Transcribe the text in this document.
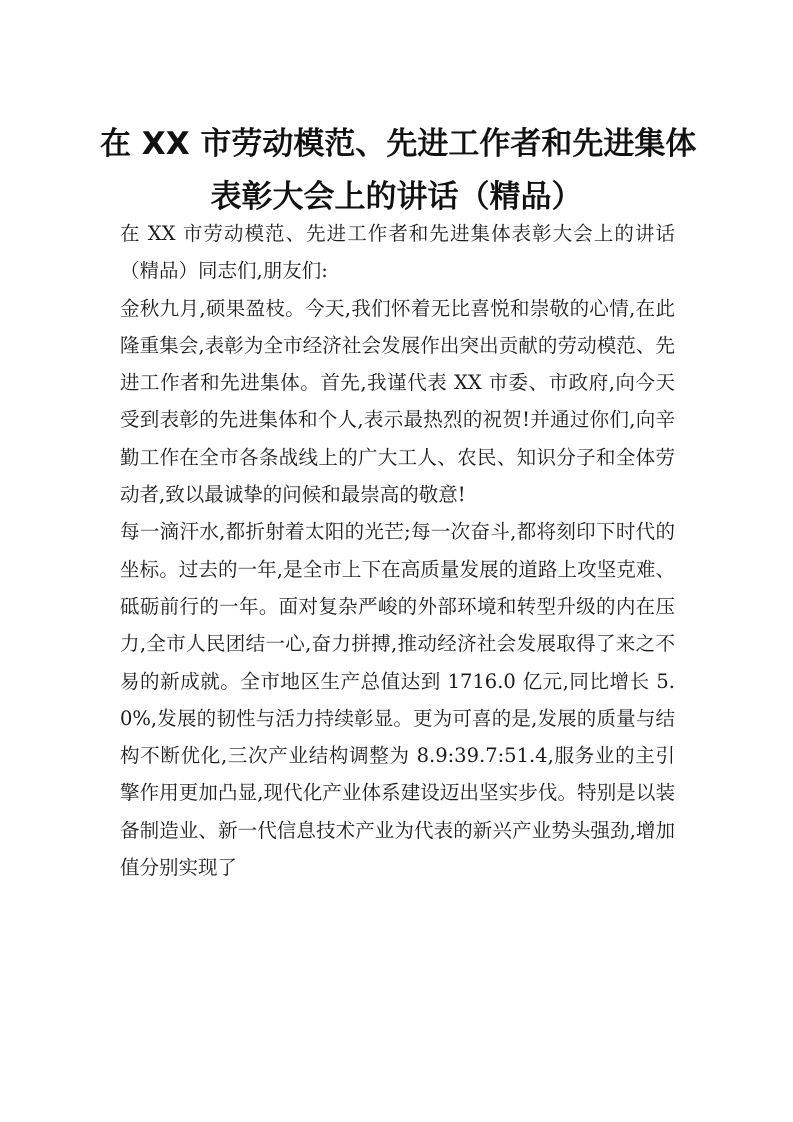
在 XX 市劳动模范、先进工作者和先进集体
表彰大会上的讲话（精品）

在 XX 市劳动模范、先进工作者和先进集体表彰大会上的讲话（精品）同志们,朋友们:

金秋九月,硕果盈枝。今天,我们怀着无比喜悦和崇敬的心情,在此隆重集会,表彰为全市经济社会发展作出突出贡献的劳动模范、先进工作者和先进集体。首先,我谨代表 XX 市委、市政府,向今天受到表彰的先进集体和个人,表示最热烈的祝贺!并通过你们,向辛勤工作在全市各条战线上的广大工人、农民、知识分子和全体劳动者,致以最诚挚的问候和最崇高的敬意!

每一滴汗水,都折射着太阳的光芒;每一次奋斗,都将刻印下时代的坐标。过去的一年,是全市上下在高质量发展的道路上攻坚克难、砥砺前行的一年。面对复杂严峻的外部环境和转型升级的内在压力,全市人民团结一心,奋力拼搏,推动经济社会发展取得了来之不易的新成就。全市地区生产总值达到 1716.0 亿元,同比增长 5.0%,发展的韧性与活力持续彰显。更为可喜的是,发展的质量与结构不断优化,三次产业结构调整为 8.9:39.7:51.4,服务业的主引擎作用更加凸显,现代化产业体系建设迈出坚实步伐。特别是以装备制造业、新一代信息技术产业为代表的新兴产业势头强劲,增加值分别实现了
